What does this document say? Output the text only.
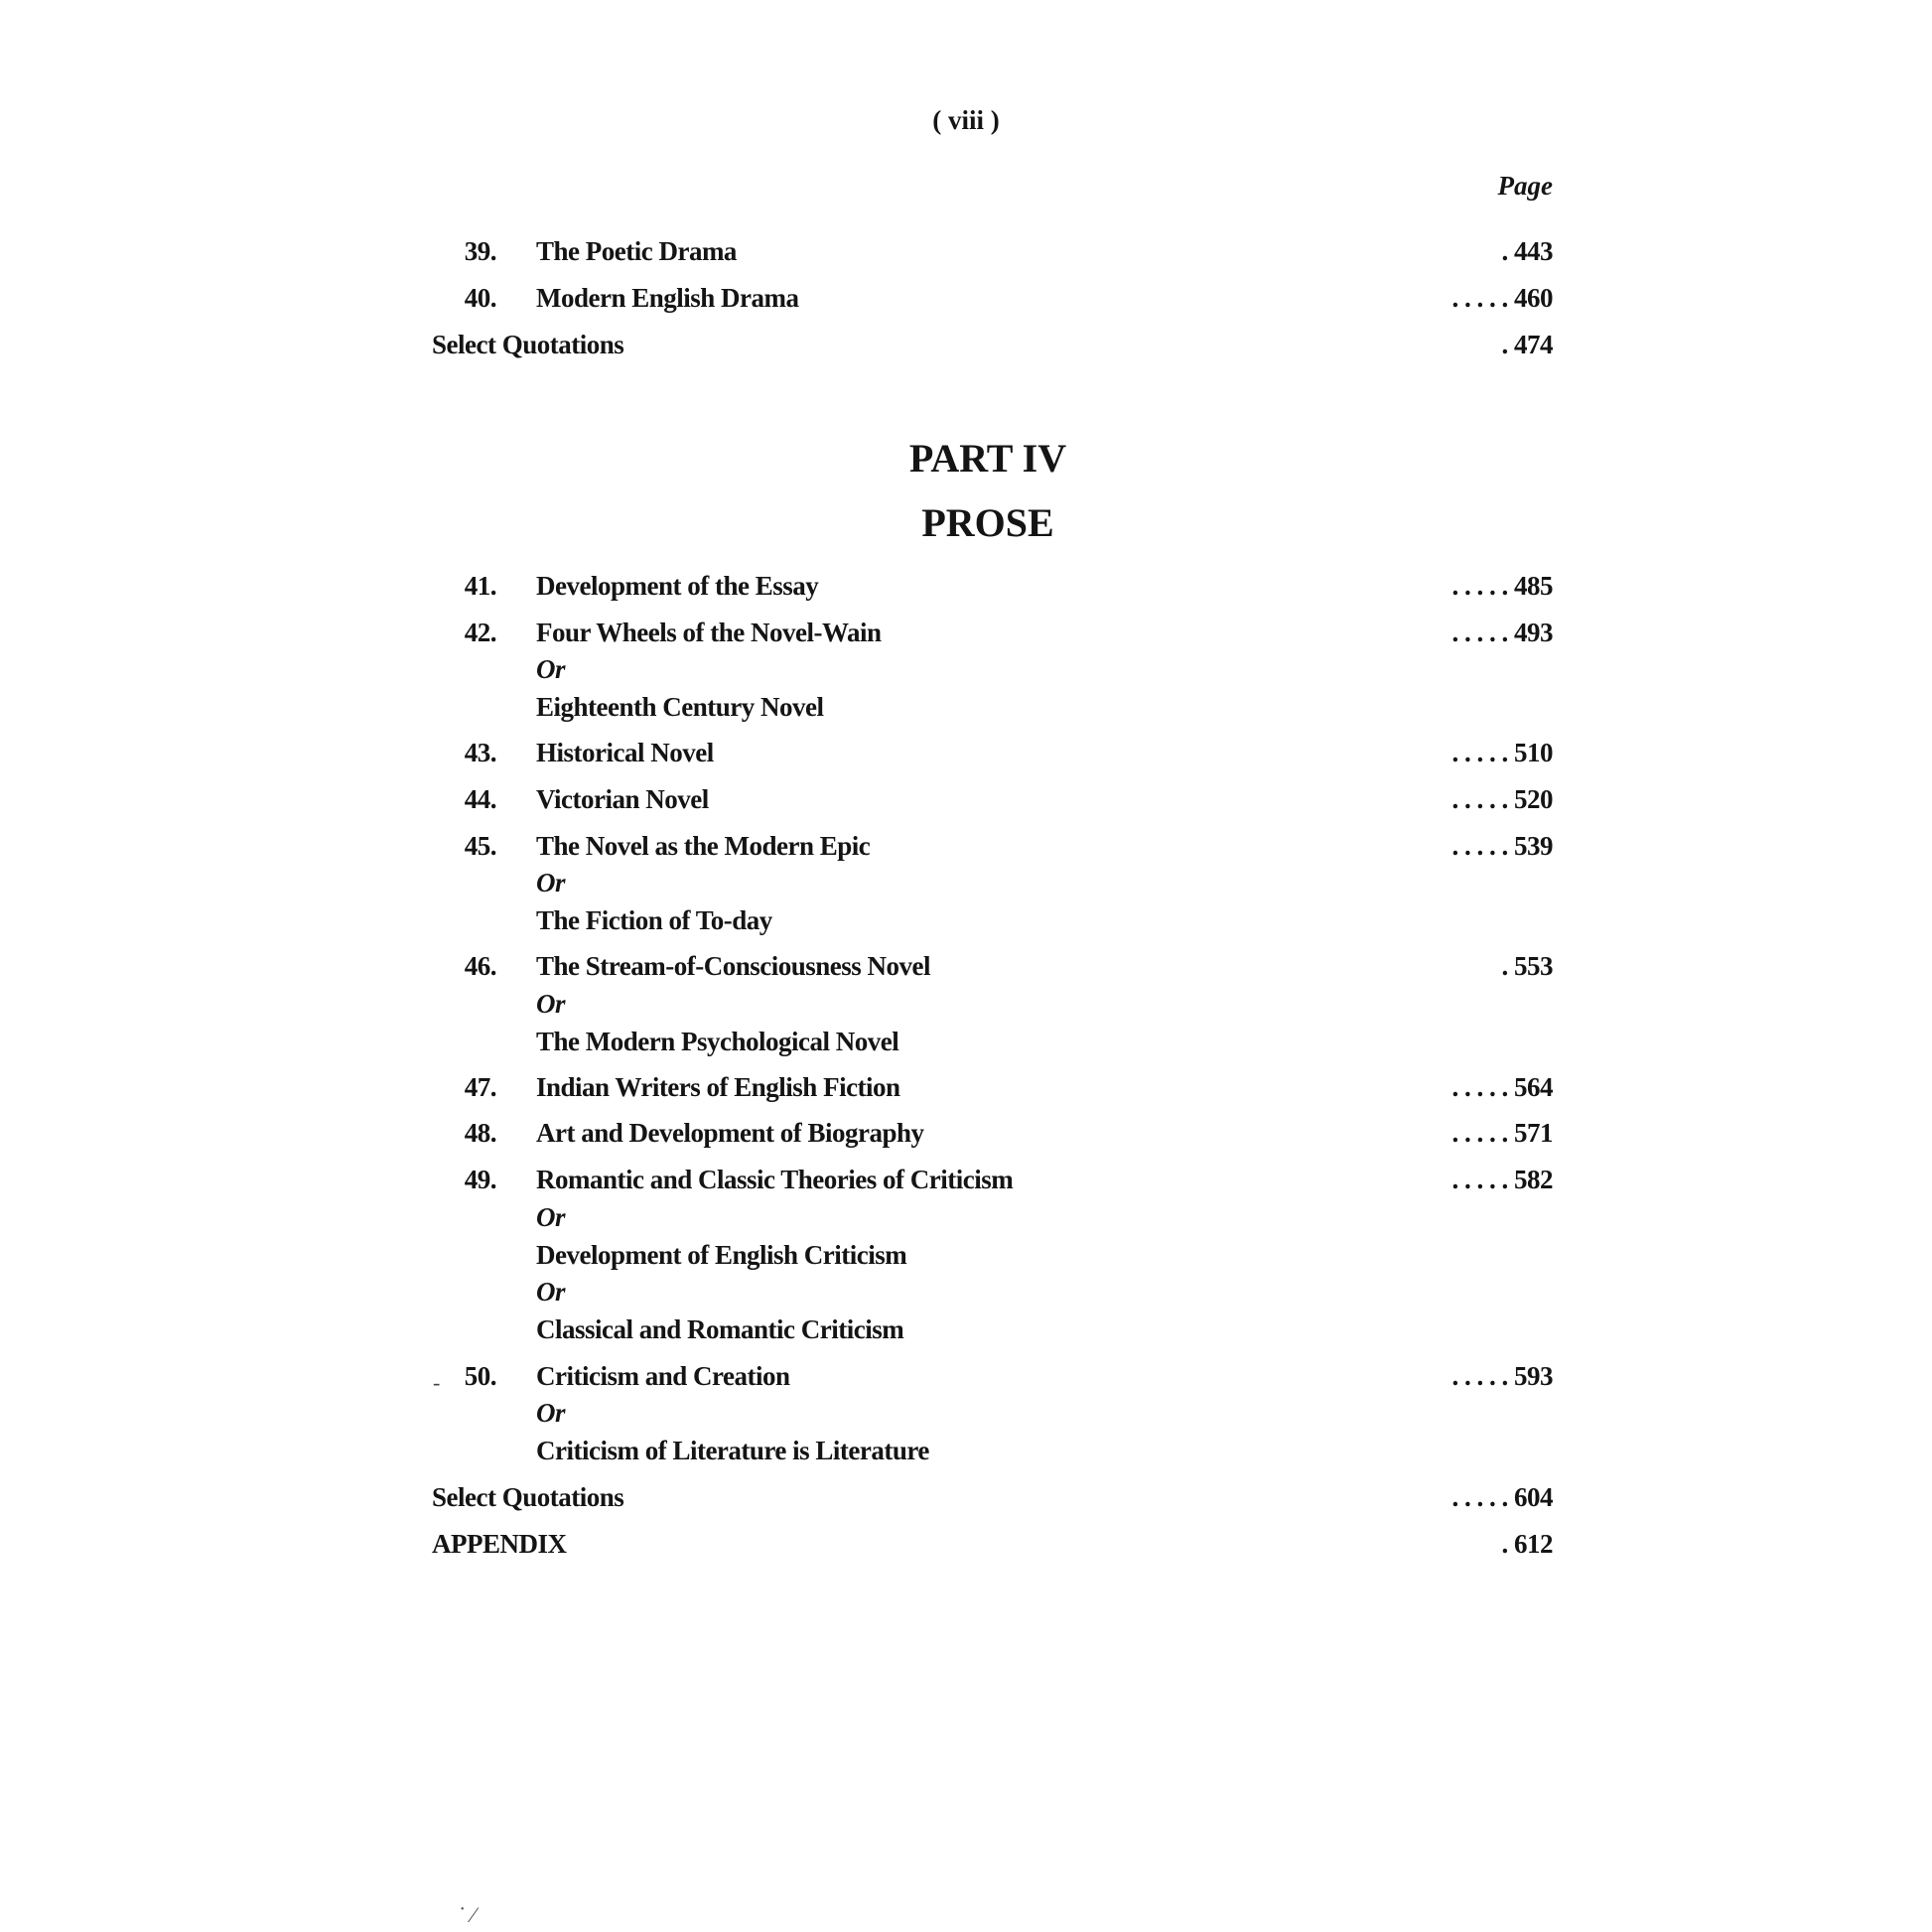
( viii )
Page
39. The Poetic Drama	. 443
40. Modern English Drama	. . . . . 460
Select Quotations	. 474
PART IV
PROSE
41. Development of the Essay	. . . . . 485
42. Four Wheels of the Novel-Wain	. . . . . 493
Or
Eighteenth Century Novel
43. Historical Novel	. . . . . 510
44. Victorian Novel	. . . . . 520
45. The Novel as the Modern Epic	. . . . . 539
Or
The Fiction of To-day
46. The Stream-of-Consciousness Novel	. 553
Or
The Modern Psychological Novel
47. Indian Writers of English Fiction	. . . . . 564
48. Art and Development of Biography	. . . . . 571
49. Romantic and Classic Theories of Criticism	. . . . . 582
Or
Development of English Criticism
Or
Classical and Romantic Criticism
50. Criticism and Creation	. . . . . 593
Or
Criticism of Literature is Literature
Select Quotations	. . . . . 604
APPENDIX	. 612
-
˙ ⁄
